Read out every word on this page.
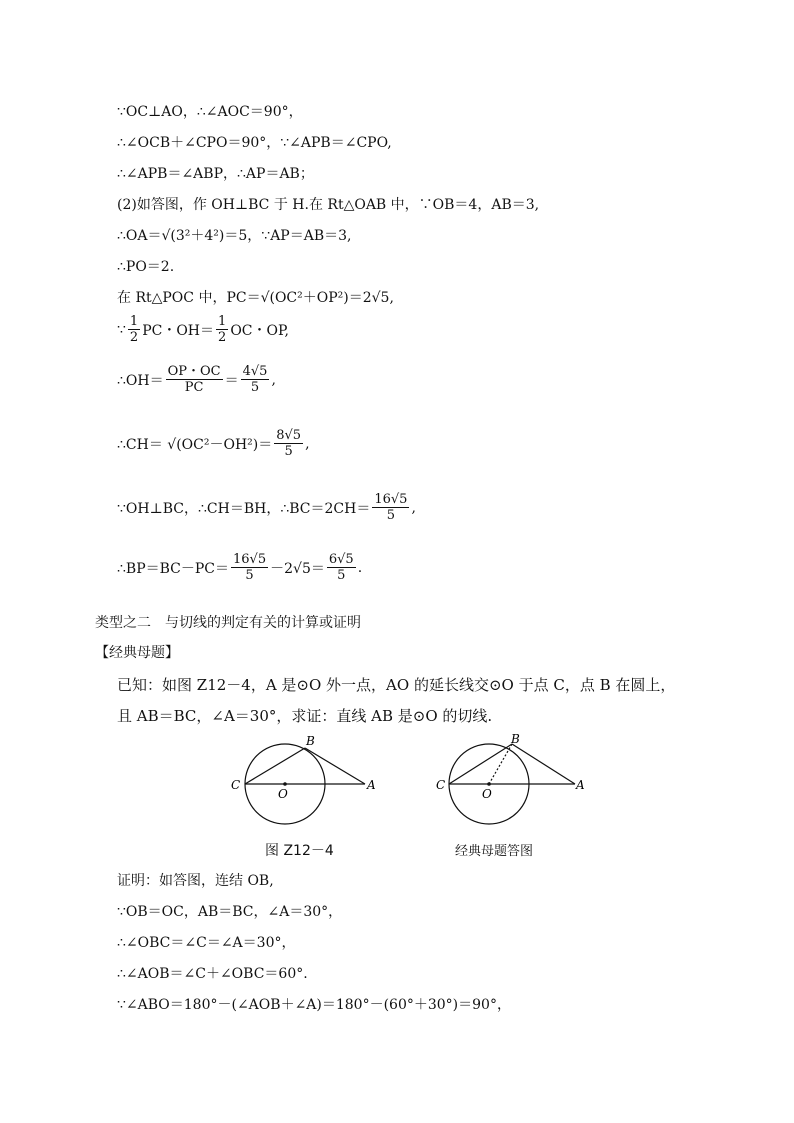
∵OC⊥AO，∴∠AOC＝90°，
∴∠OCB＋∠CPO＝90°，∵∠APB＝∠CPO,
∴∠APB＝∠ABP，∴AP＝AB；
(2)如答图，作 OH⊥BC 于 H.在 Rt△OAB 中，∵OB＝4，AB＝3,
∴OA＝√(3²＋4²)＝5，∵AP＝AB＝3,
∴PO＝2.
在 Rt△POC 中，PC＝√(OC²＋OP²)＝2√5,
∵ $\frac{1}{2}$ PC・$OH= \frac{1}{2}$ OC・OP,
∴OH＝ $\frac{OP・OC}{PC} = \frac{4√5}{5}$ ,
∴CH＝ $√(OC^2-OH^2)= \frac{8√5}{5}$ ,
∵OH⊥BC，∴CH＝BH，∴BC＝2CH＝ $\frac{16√5}{5}$ ,
∴BP＝BC－PC＝ $\frac{16√5}{5} -2√5= \frac{6√5}{5}$ .
类型之二　与切线的判定有关的计算或证明
【经典母题】
已知：如图 Z12－4，A 是⊙O 外一点，AO 的延长线交⊙O 于点 C，点 B 在圆上，
且 AB＝BC，∠A＝30°，求证：直线 AB 是⊙O 的切线.
B
C
O
A
图 Z12－4
B
C
O
A
经典母题答图
证明：如答图，连结 OB,
∵OB＝OC，AB＝BC，∠A＝30°，
∴∠OBC＝∠C＝∠A＝30°，
∴∠AOB＝∠C＋∠OBC＝60°.
∵∠ABO＝180°－(∠AOB＋∠A)＝180°－(60°＋30°)＝90°，
